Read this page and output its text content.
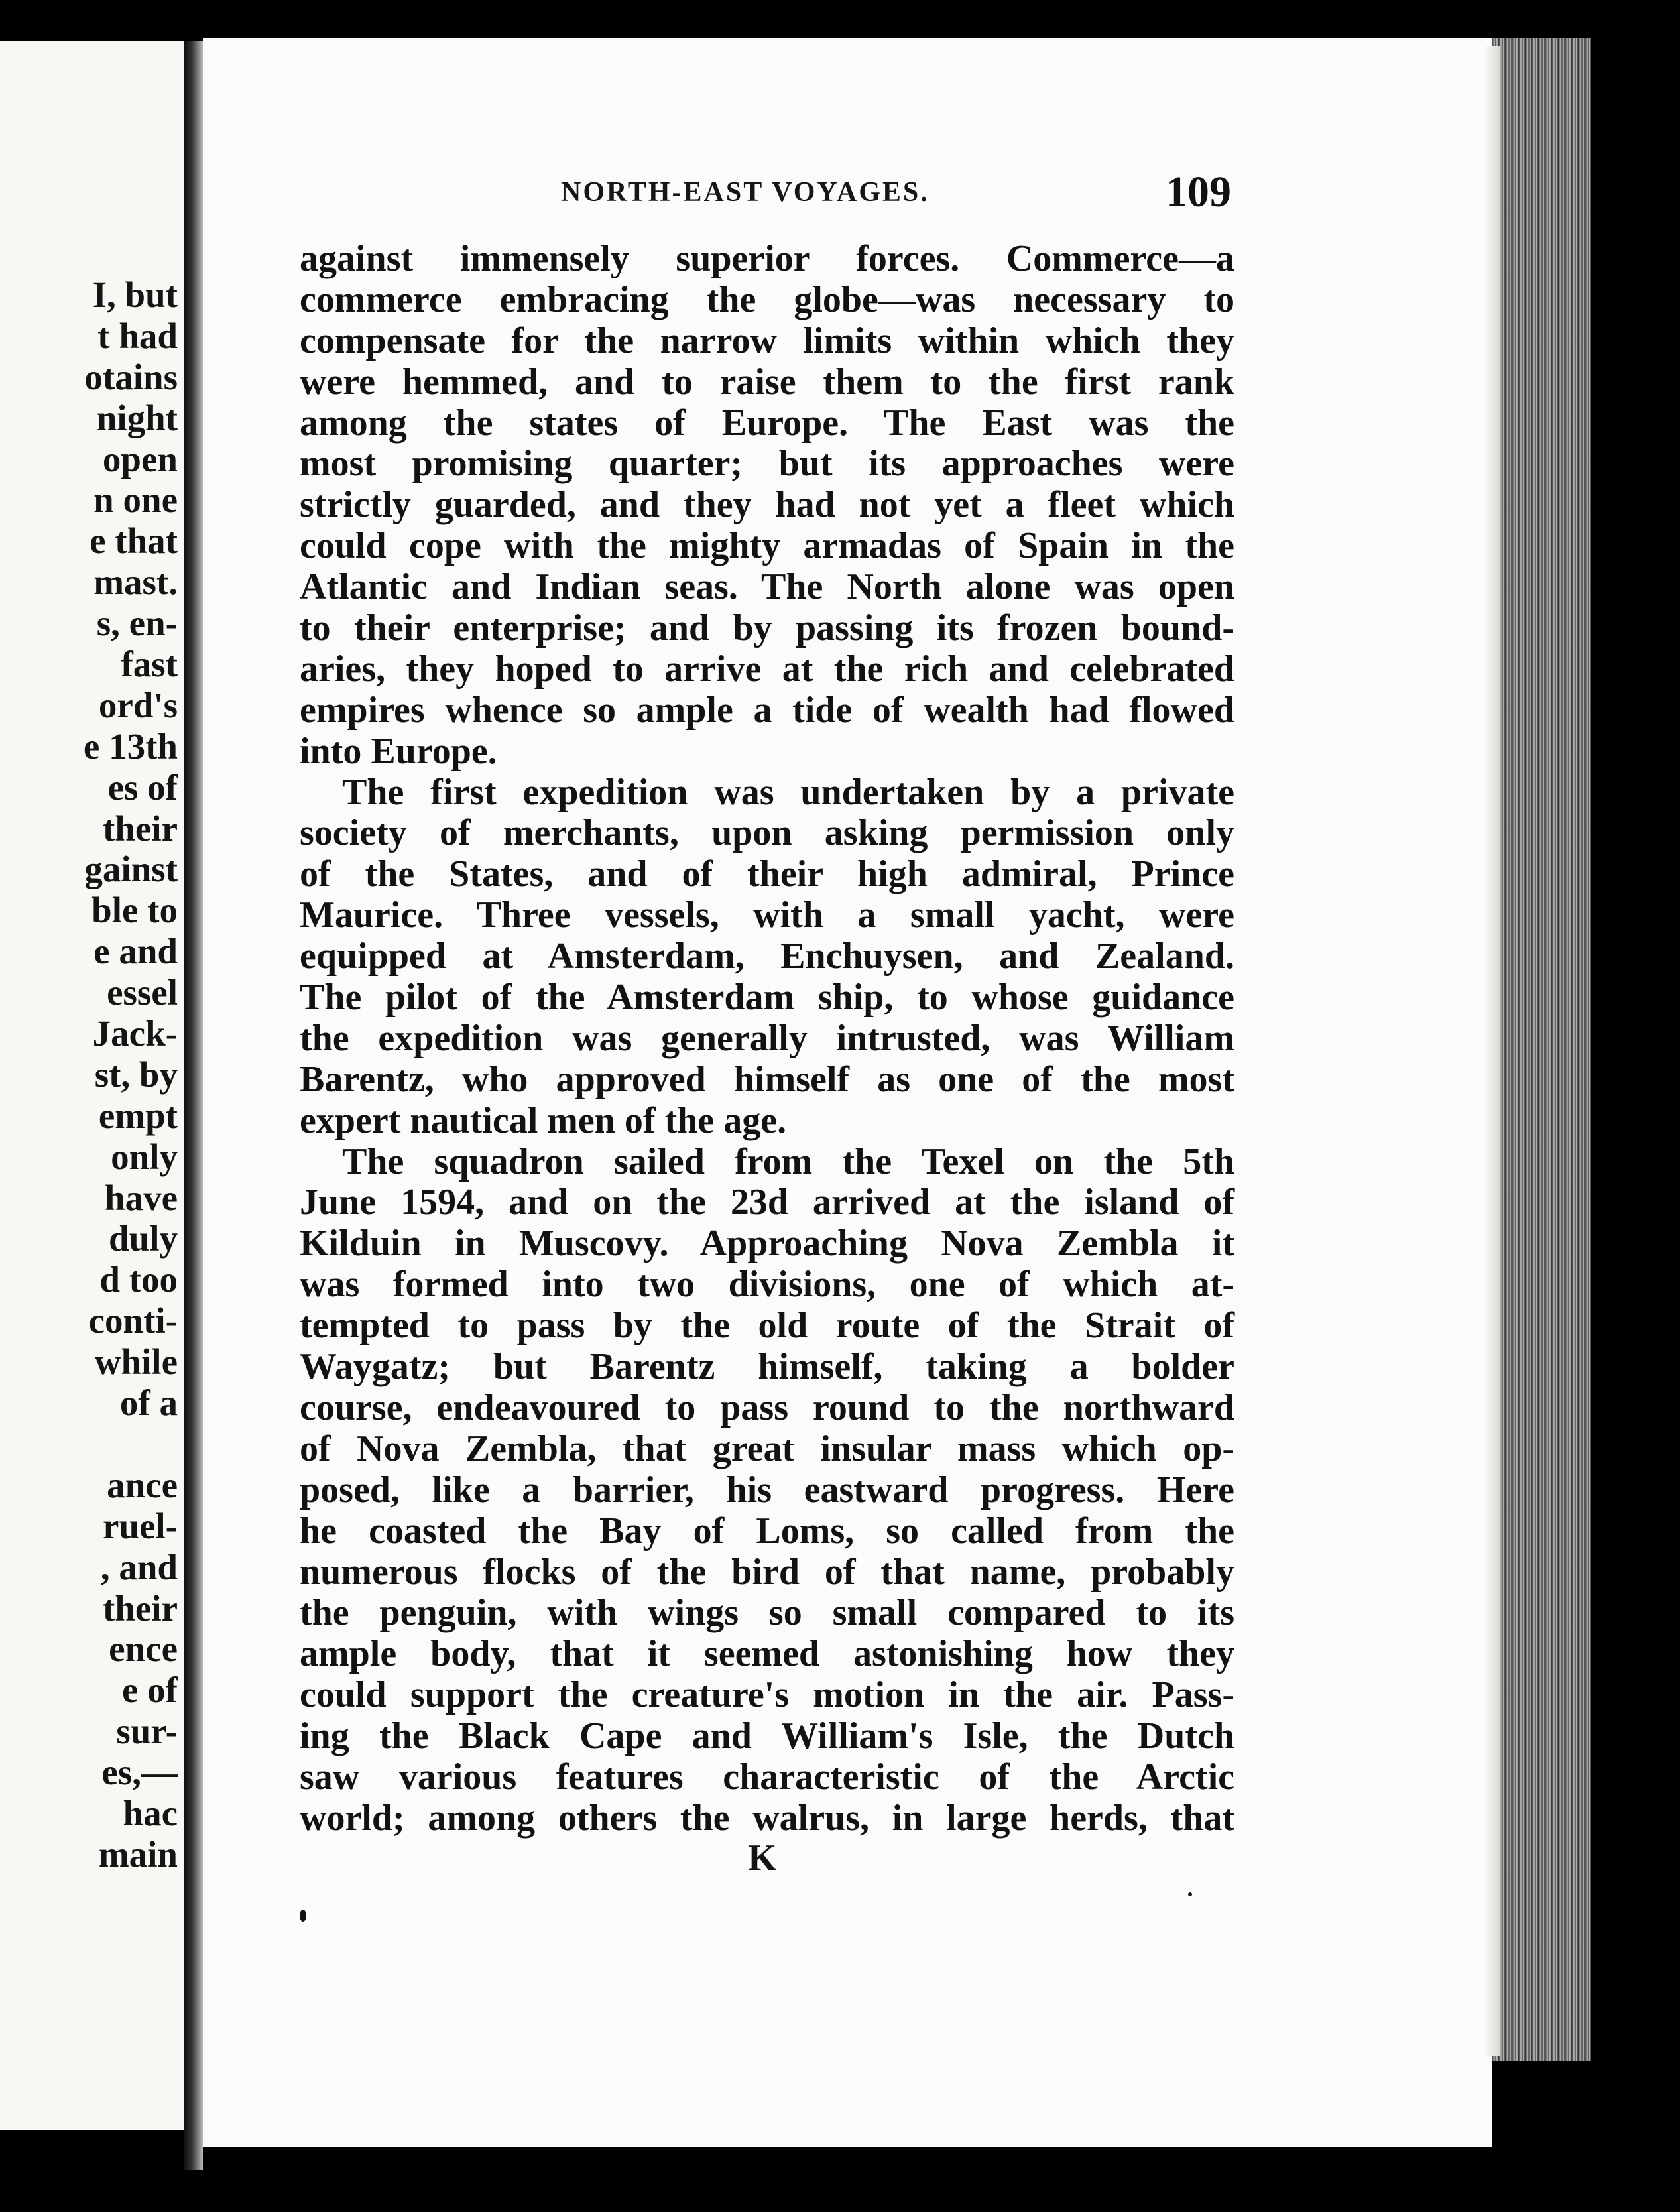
I, but
t had
otains
night
open
n one
e that
mast.
s, en-
fast
ord's
e 13th
es of
their
gainst
ble to
e and
essel
Jack-
st, by
empt
only
have
duly
d too
conti-
while
of a
ance
ruel-
, and
their
ence
e of
sur-
es,—
hac
main
NORTH-EAST VOYAGES.	109
against immensely superior forces. Commerce—a
commerce embracing the globe—was necessary to
compensate for the narrow limits within which they
were hemmed, and to raise them to the first rank
among the states of Europe. The East was the
most promising quarter; but its approaches were
strictly guarded, and they had not yet a fleet which
could cope with the mighty armadas of Spain in the
Atlantic and Indian seas. The North alone was open
to their enterprise; and by passing its frozen bound-
aries, they hoped to arrive at the rich and celebrated
empires whence so ample a tide of wealth had flowed
into Europe.
The first expedition was undertaken by a private
society of merchants, upon asking permission only
of the States, and of their high admiral, Prince
Maurice. Three vessels, with a small yacht, were
equipped at Amsterdam, Enchuysen, and Zealand.
The pilot of the Amsterdam ship, to whose guidance
the expedition was generally intrusted, was William
Barentz, who approved himself as one of the most
expert nautical men of the age.
The squadron sailed from the Texel on the 5th
June 1594, and on the 23d arrived at the island of
Kilduin in Muscovy. Approaching Nova Zembla it
was formed into two divisions, one of which at-
tempted to pass by the old route of the Strait of
Waygatz; but Barentz himself, taking a bolder
course, endeavoured to pass round to the northward
of Nova Zembla, that great insular mass which op-
posed, like a barrier, his eastward progress. Here
he coasted the Bay of Loms, so called from the
numerous flocks of the bird of that name, probably
the penguin, with wings so small compared to its
ample body, that it seemed astonishing how they
could support the creature's motion in the air. Pass-
ing the Black Cape and William's Isle, the Dutch
saw various features characteristic of the Arctic
world; among others the walrus, in large herds, that
K
